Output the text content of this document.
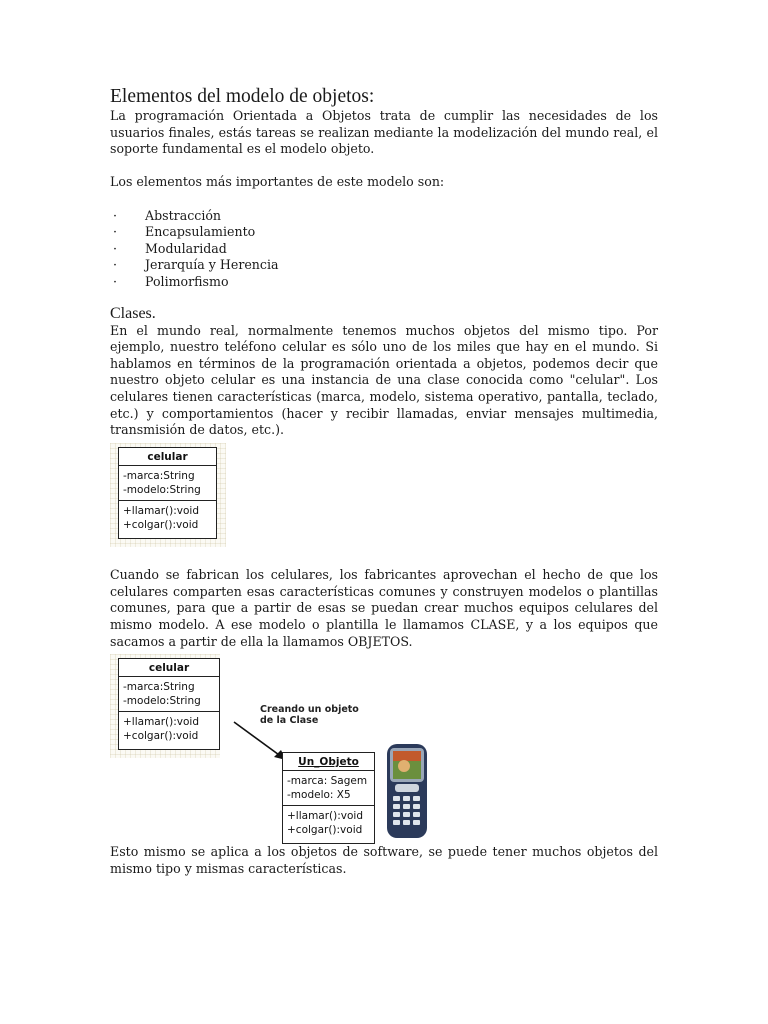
Elementos del modelo de objetos:

La programación Orientada a Objetos trata de cumplir las necesidades de los usuarios finales, estás tareas se realizan mediante la modelización del mundo real, el soporte fundamental es el modelo objeto.

Los elementos más importantes de este modelo son:

· Abstracción
· Encapsulamiento
· Modularidad
· Jerarquía y Herencia
· Polimorfismo
Clases.

En el mundo real, normalmente tenemos muchos objetos del mismo tipo. Por ejemplo, nuestro teléfono celular es sólo uno de los miles que hay en el mundo. Si hablamos en términos de la programación orientada a objetos, podemos decir que nuestro objeto celular es una instancia de una clase conocida como "celular". Los celulares tienen características (marca, modelo, sistema operativo, pantalla, teclado, etc.) y comportamientos (hacer y recibir llamadas, enviar mensajes multimedia, transmisión de datos, etc.).

celular
-marca:String
-modelo:String
+llamar():void
+colgar():void

Cuando se fabrican los celulares, los fabricantes aprovechan el hecho de que los celulares comparten esas características comunes y construyen modelos o plantillas comunes, para que a partir de esas se puedan crear muchos equipos celulares del mismo modelo. A ese modelo o plantilla le llamamos CLASE, y a los equipos que sacamos a partir de ella la llamamos OBJETOS.

celular
-marca:String
-modelo:String
+llamar():void
+colgar():void
Creando un objeto
de la Clase
Un_Objeto
-marca: Sagem
-modelo: X5
+llamar():void
+colgar():void

Esto mismo se aplica a los objetos de software, se puede tener muchos objetos del mismo tipo y mismas características.
